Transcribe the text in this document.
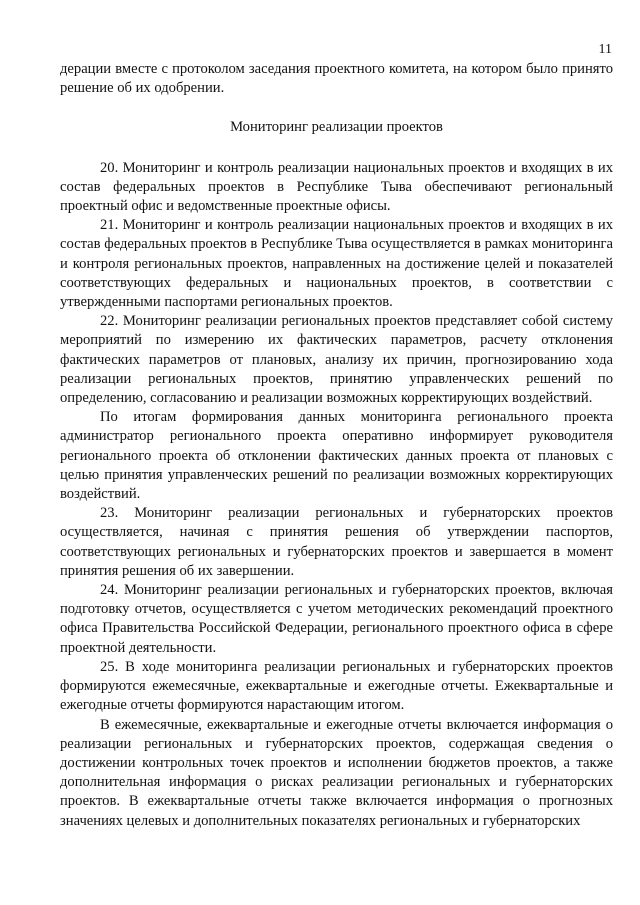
11

дерации вместе с протоколом заседания проектного комитета, на котором было принято решение об их одобрении.

Мониторинг реализации проектов

20. Мониторинг и контроль реализации национальных проектов и входящих в их состав федеральных проектов в Республике Тыва обеспечивают региональный проектный офис и ведомственные проектные офисы.

21. Мониторинг и контроль реализации национальных проектов и входящих в их состав федеральных проектов в Республике Тыва осуществляется в рамках мониторинга и контроля региональных проектов, направленных на достижение целей и показателей соответствующих федеральных и национальных проектов, в соответствии с утвержденными паспортами региональных проектов.

22. Мониторинг реализации региональных проектов представляет собой систему мероприятий по измерению их фактических параметров, расчету отклонения фактических параметров от плановых, анализу их причин, прогнозированию хода реализации региональных проектов, принятию управленческих решений по определению, согласованию и реализации возможных корректирующих воздействий.

По итогам формирования данных мониторинга регионального проекта администратор регионального проекта оперативно информирует руководителя регионального проекта об отклонении фактических данных проекта от плановых с целью принятия управленческих решений по реализации возможных корректирующих воздействий.

23. Мониторинг реализации региональных и губернаторских проектов осуществляется, начиная с принятия решения об утверждении паспортов, соответствующих региональных и губернаторских проектов и завершается в момент принятия решения об их завершении.

24. Мониторинг реализации региональных и губернаторских проектов, включая подготовку отчетов, осуществляется с учетом методических рекомендаций проектного офиса Правительства Российской Федерации, регионального проектного офиса в сфере проектной деятельности.

25. В ходе мониторинга реализации региональных и губернаторских проектов формируются ежемесячные, ежеквартальные и ежегодные отчеты. Ежеквартальные и ежегодные отчеты формируются нарастающим итогом.

В ежемесячные, ежеквартальные и ежегодные отчеты включается информация о реализации региональных и губернаторских проектов, содержащая сведения о достижении контрольных точек проектов и исполнении бюджетов проектов, а также дополнительная информация о рисках реализации региональных и губернаторских проектов. В ежеквартальные отчеты также включается информация о прогнозных значениях целевых и дополнительных показателях региональных и губернаторских
